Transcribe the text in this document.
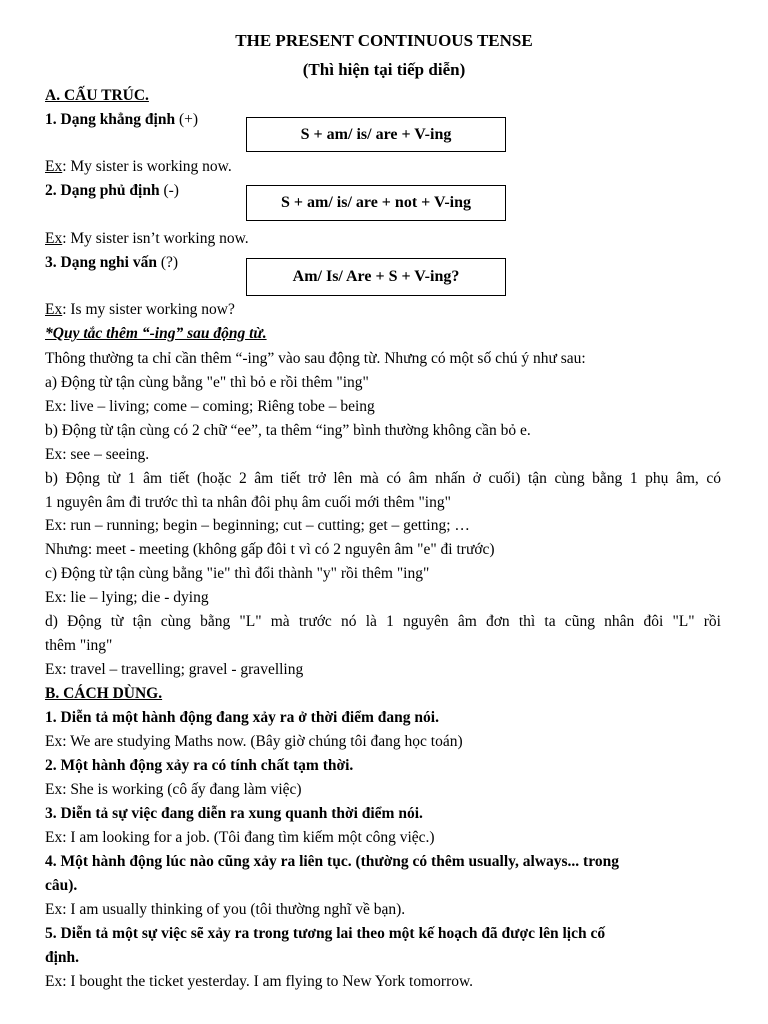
THE PRESENT CONTINUOUS TENSE
(Thì hiện tại tiếp diễn)
A. CẤU TRÚC.
1. Dạng khẳng định (+)
S + am/ is/ are + V-ing
Ex: My sister is working now.
2. Dạng phủ định (-)
S + am/ is/ are + not + V-ing
Ex: My sister isn’t working now.
3. Dạng nghi vấn (?)
Am/ Is/ Are + S + V-ing?
Ex: Is my sister working now?
*Quy tắc thêm “-ing” sau động từ.
Thông thường ta chỉ cần thêm “-ing” vào sau động từ. Nhưng có một số chú ý như sau:
a) Động từ tận cùng bằng "e" thì bỏ e rồi thêm "ing"
Ex: live – living; come – coming; Riêng tobe – being
b) Động từ tận cùng có 2 chữ “ee”, ta thêm “ing” bình thường không cần bỏ e.
Ex: see – seeing.
b) Động từ 1 âm tiết (hoặc 2 âm tiết trở lên mà có âm nhấn ở cuối) tận cùng bằng 1 phụ âm, có
1 nguyên âm đi trước thì ta nhân đôi phụ âm cuối mới thêm "ing"
Ex: run – running; begin – beginning; cut – cutting; get – getting; …
Nhưng: meet - meeting (không gấp đôi t vì có 2 nguyên âm "e" đi trước)
c) Động từ tận cùng bằng "ie" thì đổi thành "y" rồi thêm "ing"
Ex: lie – lying; die - dying
d) Động từ tận cùng bằng "L" mà trước nó là 1 nguyên âm đơn thì ta cũng nhân đôi "L" rồi
thêm "ing"
Ex: travel – travelling; gravel - gravelling
B. CÁCH DÙNG.
1. Diễn tả một hành động đang xảy ra ở thời điểm đang nói.
Ex: We are studying Maths now. (Bây giờ chúng tôi đang học toán)
2. Một hành động xảy ra có tính chất tạm thời.
Ex: She is working (cô ấy đang làm việc)
3. Diễn tả sự việc đang diễn ra xung quanh thời điểm nói.
Ex: I am looking for a job. (Tôi đang tìm kiếm một công việc.)
4. Một hành động lúc nào cũng xảy ra liên tục. (thường có thêm usually, always... trong
câu).
Ex: I am usually thinking of you (tôi thường nghĩ về bạn).
5. Diễn tả một sự việc sẽ xảy ra trong tương lai theo một kế hoạch đã được lên lịch cố
định.
Ex: I bought the ticket yesterday. I am flying to New York tomorrow.
